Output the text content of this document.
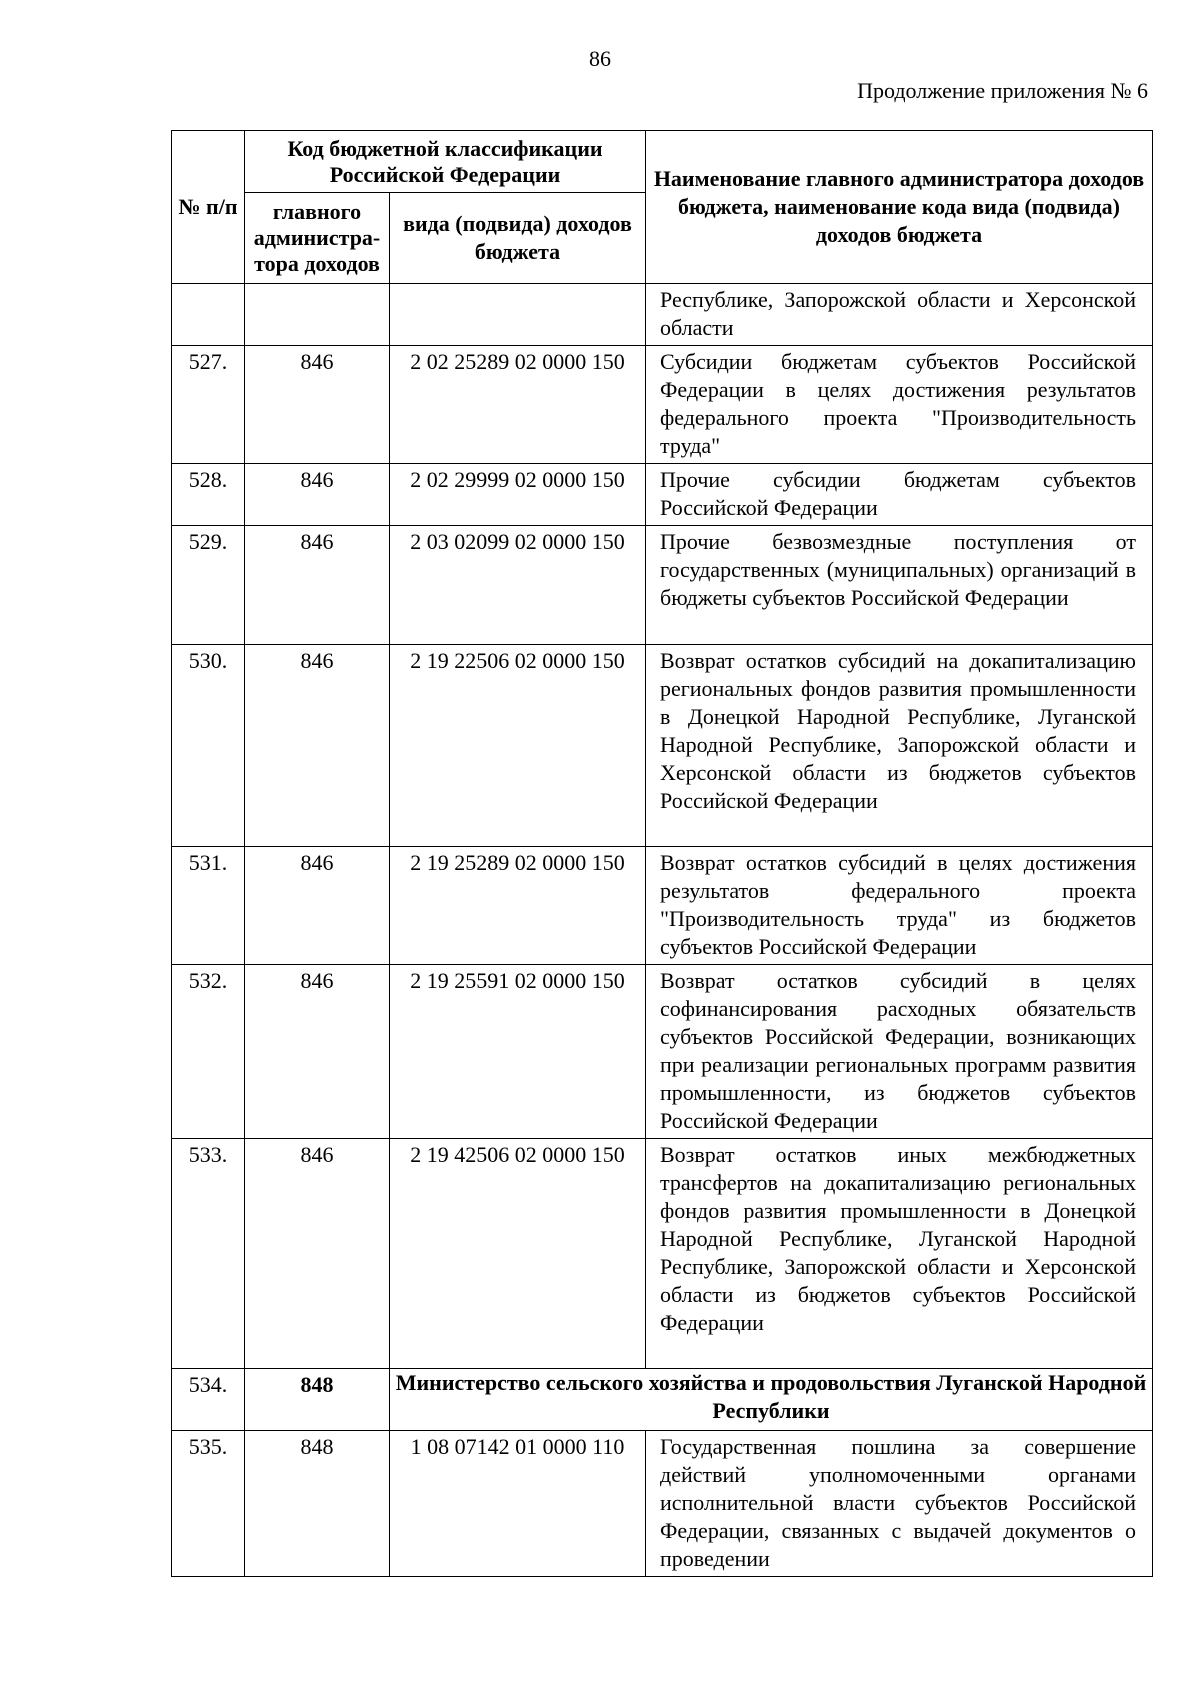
86
Продолжение приложения № 6
№ п/п	Код бюджетной классификации Российской Федерации		Наименование главного администратора доходов бюджета, наименование кода вида (подвида) доходов бюджета
	главного администра-тора доходов	вида (подвида) доходов бюджета	
			Республике, Запорожской области и Херсонской области
527.	846	2 02 25289 02 0000 150	Субсидии бюджетам субъектов Российской Федерации в целях достижения результатов федерального проекта "Производительность труда"
528.	846	2 02 29999 02 0000 150	Прочие субсидии бюджетам субъектов Российской Федерации
529.	846	2 03 02099 02 0000 150	Прочие безвозмездные поступления от государственных (муниципальных) организаций в бюджеты субъектов Российской Федерации
530.	846	2 19 22506 02 0000 150	Возврат остатков субсидий на докапитализацию региональных фондов развития промышленности в Донецкой Народной Республике, Луганской Народной Республике, Запорожской области и Херсонской области из бюджетов субъектов Российской Федерации
531.	846	2 19 25289 02 0000 150	Возврат остатков субсидий в целях достижения результатов федерального проекта "Производительность труда" из бюджетов субъектов Российской Федерации
532.	846	2 19 25591 02 0000 150	Возврат остатков субсидий в целях софинансирования расходных обязательств субъектов Российской Федерации, возникающих при реализации региональных программ развития промышленности, из бюджетов субъектов Российской Федерации
533.	846	2 19 42506 02 0000 150	Возврат остатков иных межбюджетных трансфертов на докапитализацию региональных фондов развития промышленности в Донецкой Народной Республике, Луганской Народной Республике, Запорожской области и Херсонской области из бюджетов субъектов Российской Федерации
534.	848	Министерство сельского хозяйства и продовольствия Луганской Народной Республики	
535.	848	1 08 07142 01 0000 110	Государственная пошлина за совершение действий уполномоченными органами исполнительной власти субъектов Российской Федерации, связанных с выдачей документов о проведении
